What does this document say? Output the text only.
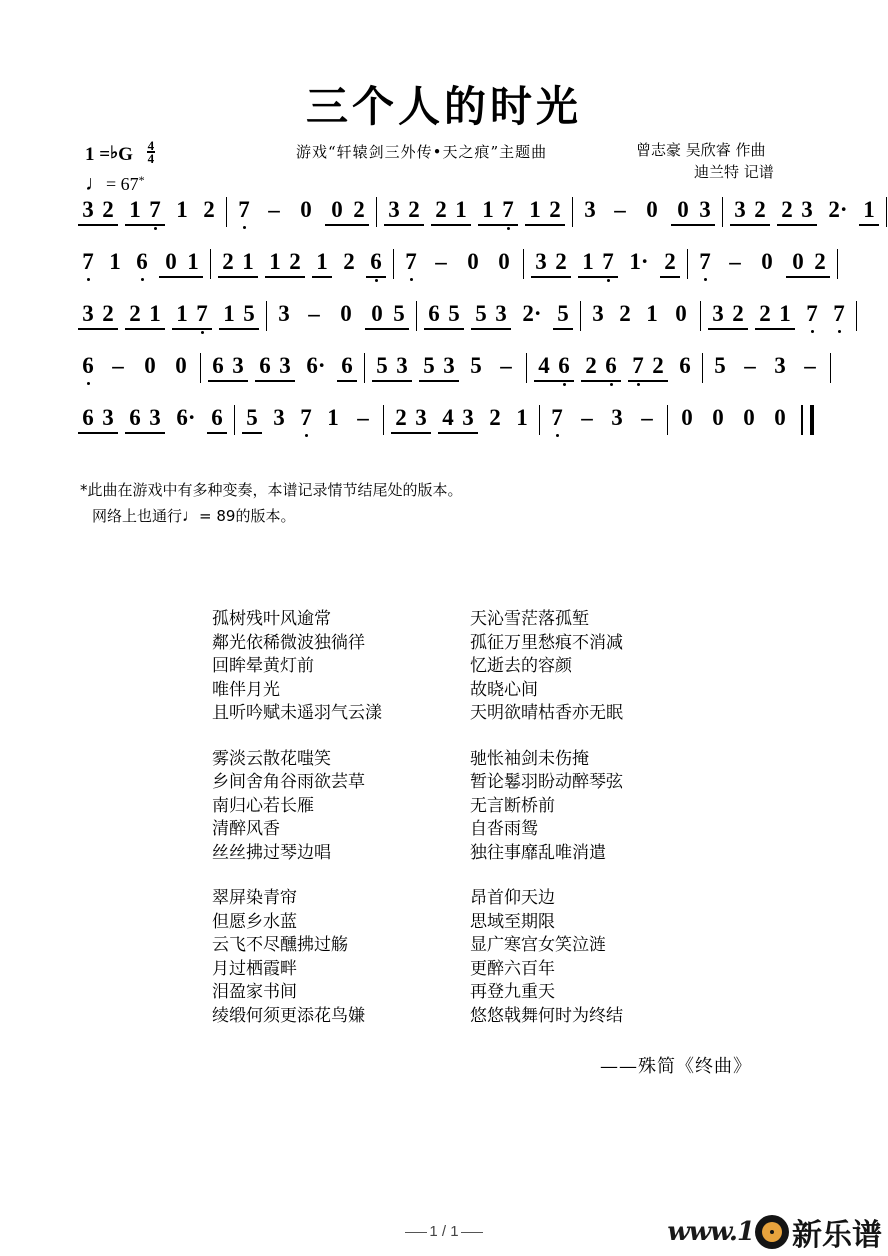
三个人的时光
游戏“轩辕剑三外传•天之痕”主题曲	曾志豪 吴欣睿 作曲
迪兰特 记谱
1 =♭G $\frac{4}{4}$
♩= 67*
3 2 1 7 1 2 7 – 0 0 2 3 2 2 1 1 7 1 2 3 – 0 0 3 3 2 2 3 2· 1
7 1 6 0 1 2 1 1 2 1 2 6 7 – 0 0 3 2 1 7 1· 2 7 – 0 0 2
3 2 2 1 1 7 1 5 3 – 0 0 5 6 5 5 3 2· 5 3 2 1 0 3 2 2 1 7 7
6 – 0 0 6 3 6 3 6· 6 5 3 5 3 5 –	4 6 2 6 7 2 6 5 – 3 –
6 3 6 3 6· 6 5 3 7 1 –	2 3 4 3 2 1 7 – 3 –	0 0 0 0
*此曲在游戏中有多种变奏，本谱记录情节结尾处的版本。
网络上也通行♩= 89的版本。
孤树残叶风逾常	天沁雪茫落孤堑
鄰光依稀微波独徜徉	孤征万里愁痕不消减
回眸晕黄灯前	忆逝去的容颜
唯伴月光	故晓心间
且听吟赋未遥羽气云漾	天明欲晴枯香亦无眠
雾淡云散花嗤笑	驰怅袖剑未伤掩
乡间舍角谷雨欲芸草	暂论鬈羽盼动醉琴弦
南归心若长雁	无言断桥前
清醉风香	自沓雨鸳
丝丝拂过琴边唱	独往事靡乱唯消遣
翠屏染青帘	昂首仰天边
但愿乡水蓝	思域至期限
云飞不尽醺拂过觞	显广寒宫女笑泣涟
月过栖霞畔	更醉六百年
泪盈家书间	再登九重天
绫缎何须更添花鸟嫌	悠悠戟舞何时为终结
——殊简《终曲》
1 / 1	www.1 新乐谱
